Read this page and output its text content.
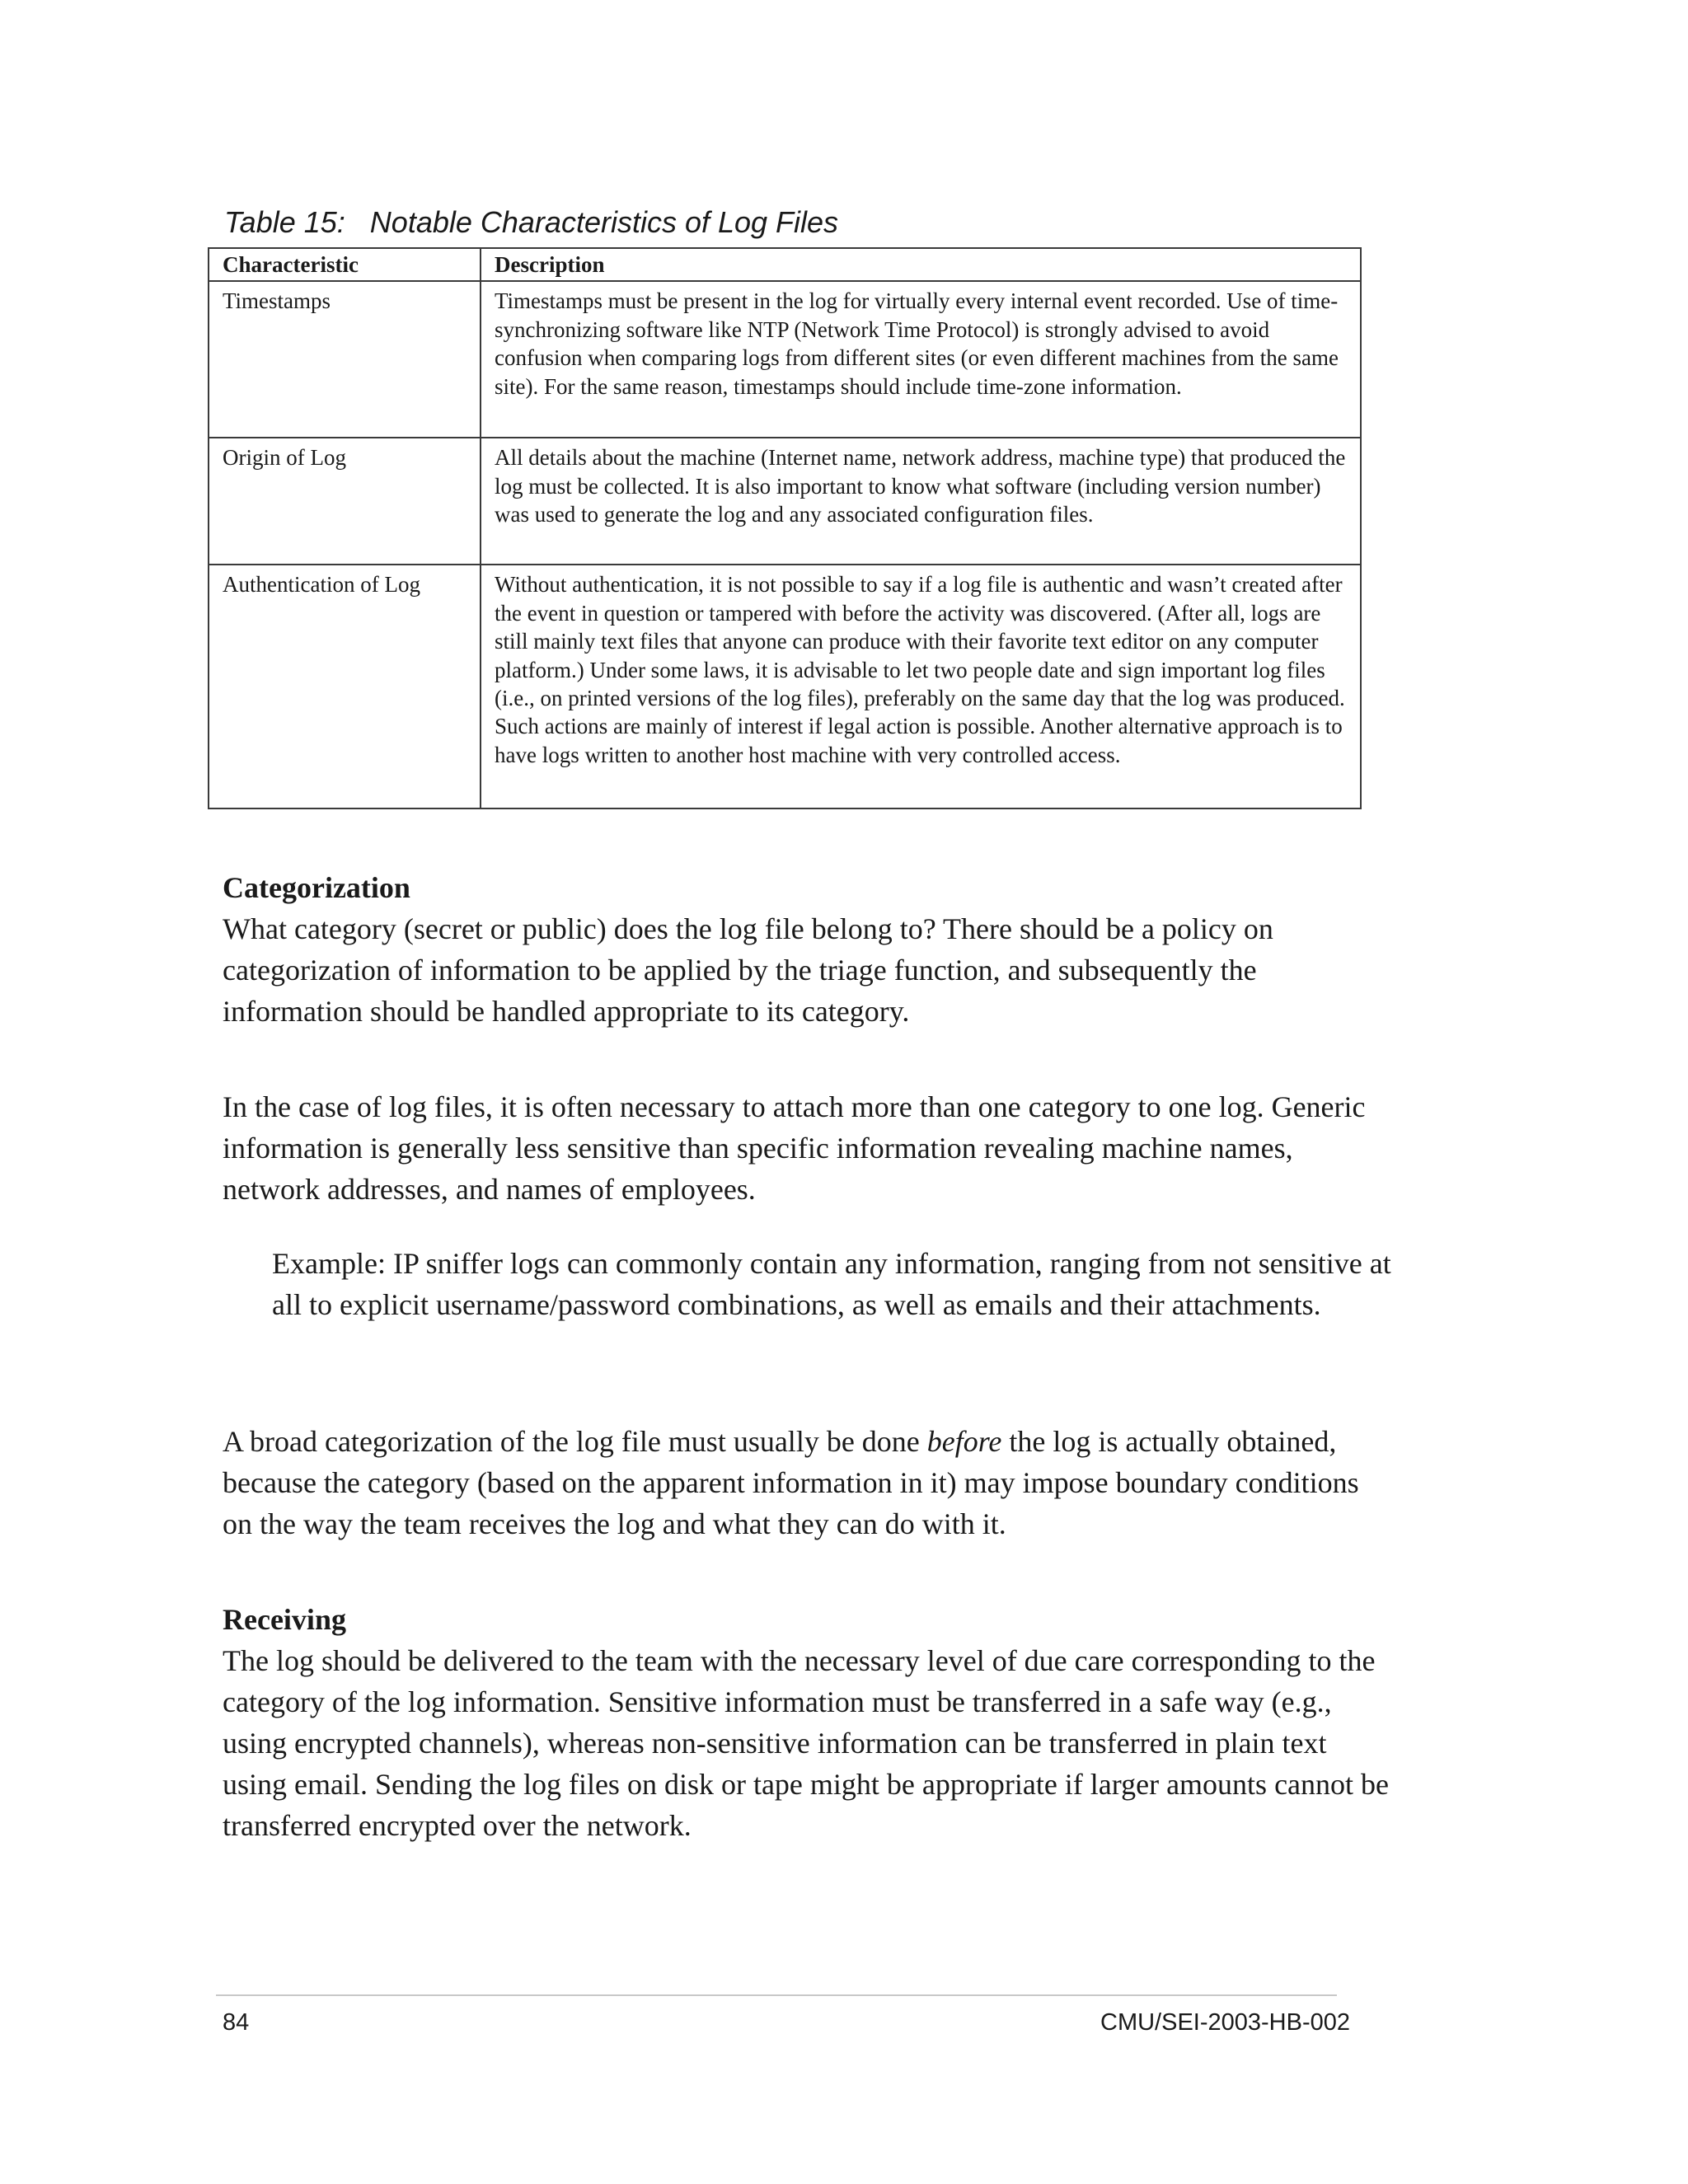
Table 15:   Notable Characteristics of Log Files
Characteristic	Description
Timestamps	Timestamps must be present in the log for virtually every internal event recorded. Use of time-synchronizing software like NTP (Network Time Protocol) is strongly advised to avoid confusion when comparing logs from different sites (or even different machines from the same site). For the same reason, timestamps should include time-zone information.
Origin of Log	All details about the machine (Internet name, network address, machine type) that produced the log must be collected. It is also important to know what software (including version number) was used to generate the log and any associated configuration files.
Authentication of Log	Without authentication, it is not possible to say if a log file is authentic and wasn’t created after the event in question or tampered with before the activity was discovered. (After all, logs are still mainly text files that anyone can produce with their favorite text editor on any computer platform.) Under some laws, it is advisable to let two people date and sign important log files (i.e., on printed versions of the log files), preferably on the same day that the log was produced. Such actions are mainly of interest if legal action is possible. Another alternative approach is to have logs written to another host machine with very controlled access.
Categorization

What category (secret or public) does the log file belong to? There should be a policy on categorization of information to be applied by the triage function, and subsequently the information should be handled appropriate to its category.

In the case of log files, it is often necessary to attach more than one category to one log. Generic information is generally less sensitive than specific information revealing machine names, network addresses, and names of employees.

Example: IP sniffer logs can commonly contain any information, ranging from not sensitive at all to explicit username/password combinations, as well as emails and their attachments.

A broad categorization of the log file must usually be done before the log is actually obtained, because the category (based on the apparent information in it) may impose boundary conditions on the way the team receives the log and what they can do with it.

Receiving

The log should be delivered to the team with the necessary level of due care corresponding to the category of the log information. Sensitive information must be transferred in a safe way (e.g., using encrypted channels), whereas non-sensitive information can be transferred in plain text using email. Sending the log files on disk or tape might be appropriate if larger amounts cannot be transferred encrypted over the network.

84	CMU/SEI-2003-HB-002
